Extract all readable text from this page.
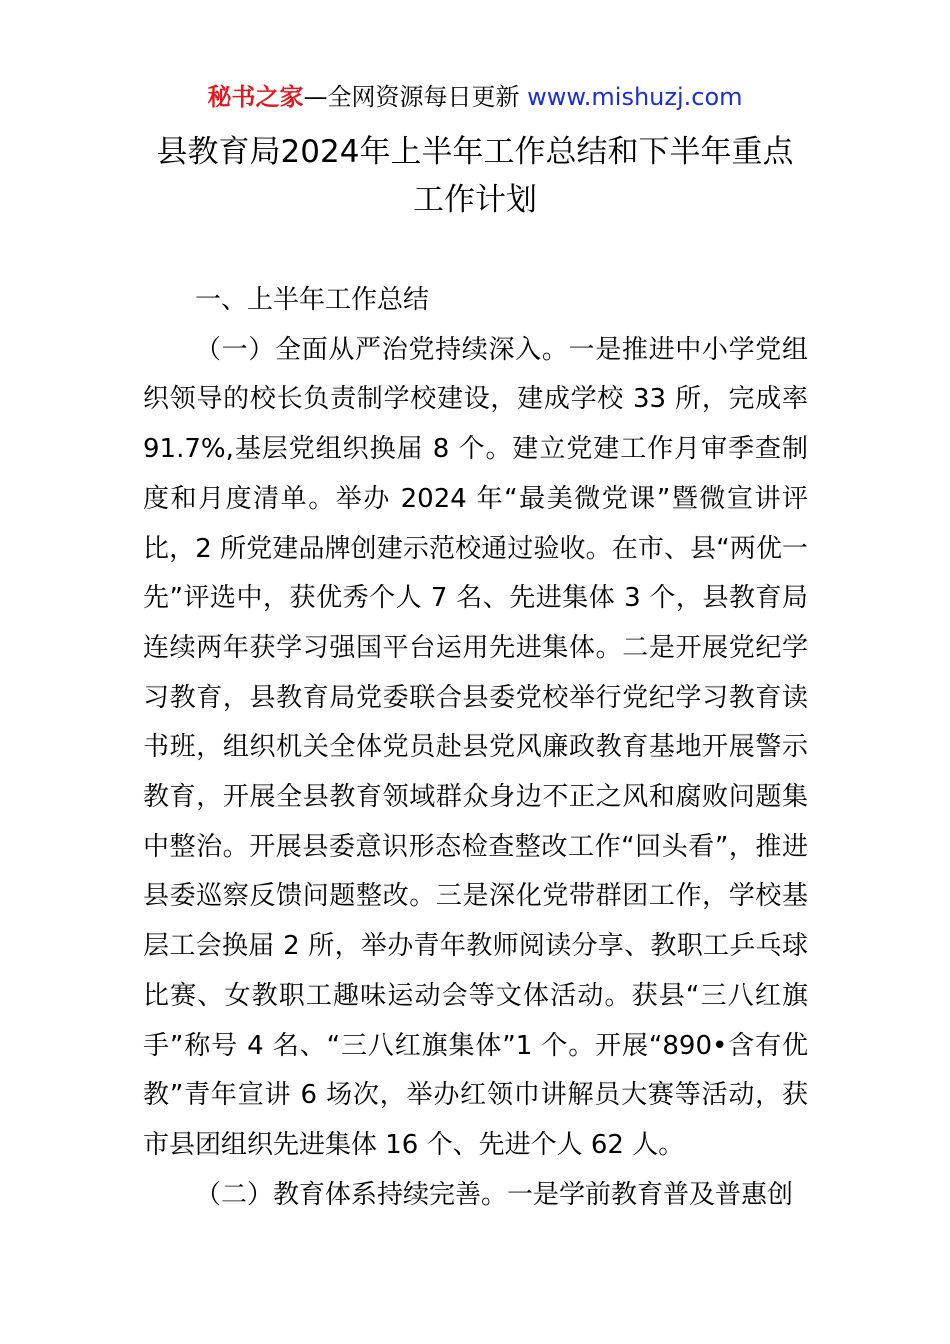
秘书之家—全网资源每日更新 www.mishuzj.com
县教育局2024年上半年工作总结和下半年重点
工作计划

一、上半年工作总结

（一）全面从严治党持续深入。一是推进中小学党组织领导的校长负责制学校建设，建成学校 33 所，完成率 91.7%,基层党组织换届 8 个。建立党建工作月审季查制度和月度清单。举办 2024 年“最美微党课”暨微宣讲评比，2 所党建品牌创建示范校通过验收。在市、县“两优一先”评选中，获优秀个人 7 名、先进集体 3 个，县教育局连续两年获学习强国平台运用先进集体。二是开展党纪学习教育，县教育局党委联合县委党校举行党纪学习教育读书班，组织机关全体党员赴县党风廉政教育基地开展警示教育，开展全县教育领域群众身边不正之风和腐败问题集中整治。开展县委意识形态检查整改工作“回头看”，推进县委巡察反馈问题整改。三是深化党带群团工作，学校基层工会换届 2 所，举办青年教师阅读分享、教职工乒乓球比赛、女教职工趣味运动会等文体活动。获县“三八红旗手”称号 4 名、“三八红旗集体”1 个。开展“890•含有优教”青年宣讲 6 场次，举办红领巾讲解员大赛等活动，获市县团组织先进集体 16 个、先进个人 62 人。

（二）教育体系持续完善。一是学前教育普及普惠创
